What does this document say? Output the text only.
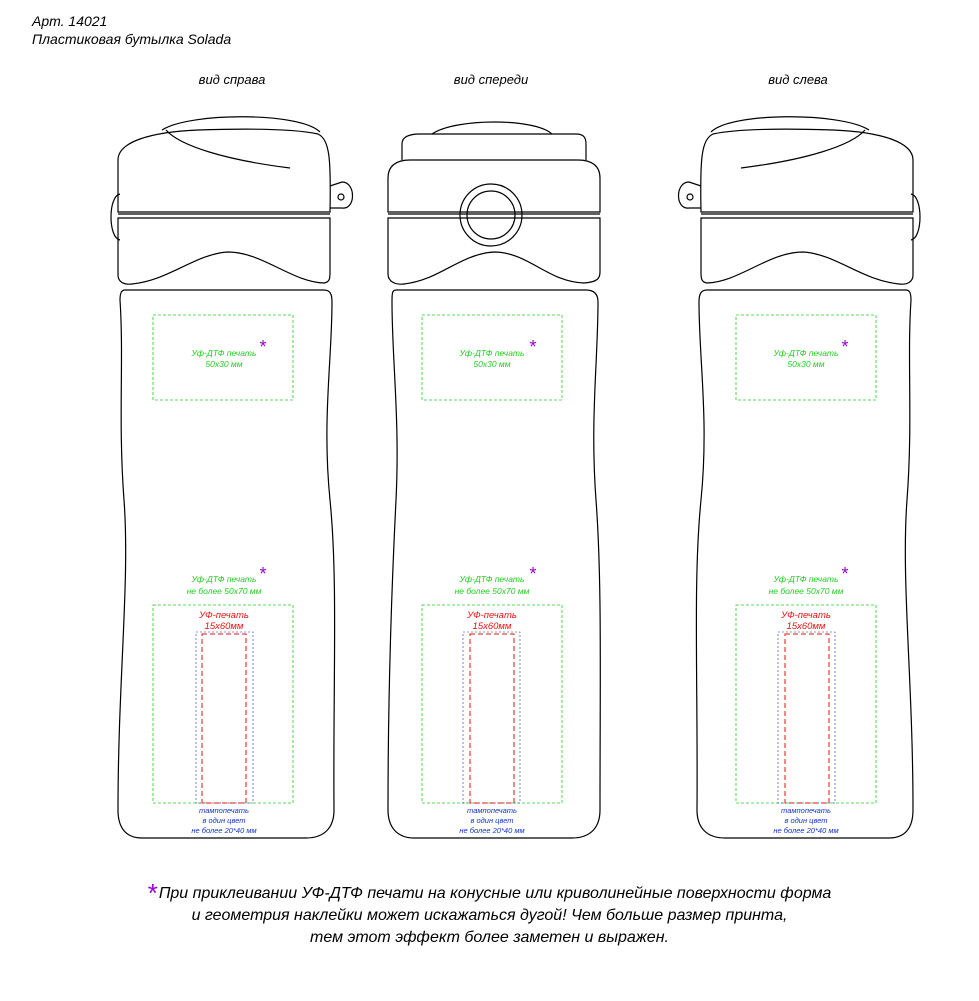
Арт. 14021
Пластиковая бутылка Solada
вид справа	вид спереди	вид слева
Уф-ДТФ печать
50х30 мм
*
Уф-ДТФ печать
не более 50х70 мм
*
УФ-печать
15х60мм
тампопечать
в один цвет
не более 20*40 мм
Уф-ДТФ печать
50х30 мм
*
Уф-ДТФ печать
не более 50х70 мм
*
УФ-печать
15х60мм
тампопечать
в один цвет
не более 20*40 мм
Уф-ДТФ печать
50х30 мм
*
Уф-ДТФ печать
не более 50х70 мм
*
УФ-печать
15х60мм
тампопечать
в один цвет
не более 20*40 мм
*При приклеивании УФ-ДТФ печати на конусные или криволинейные поверхности форма
и геометрия наклейки может искажаться дугой! Чем больше размер принта,
тем этот эффект более заметен и выражен.
